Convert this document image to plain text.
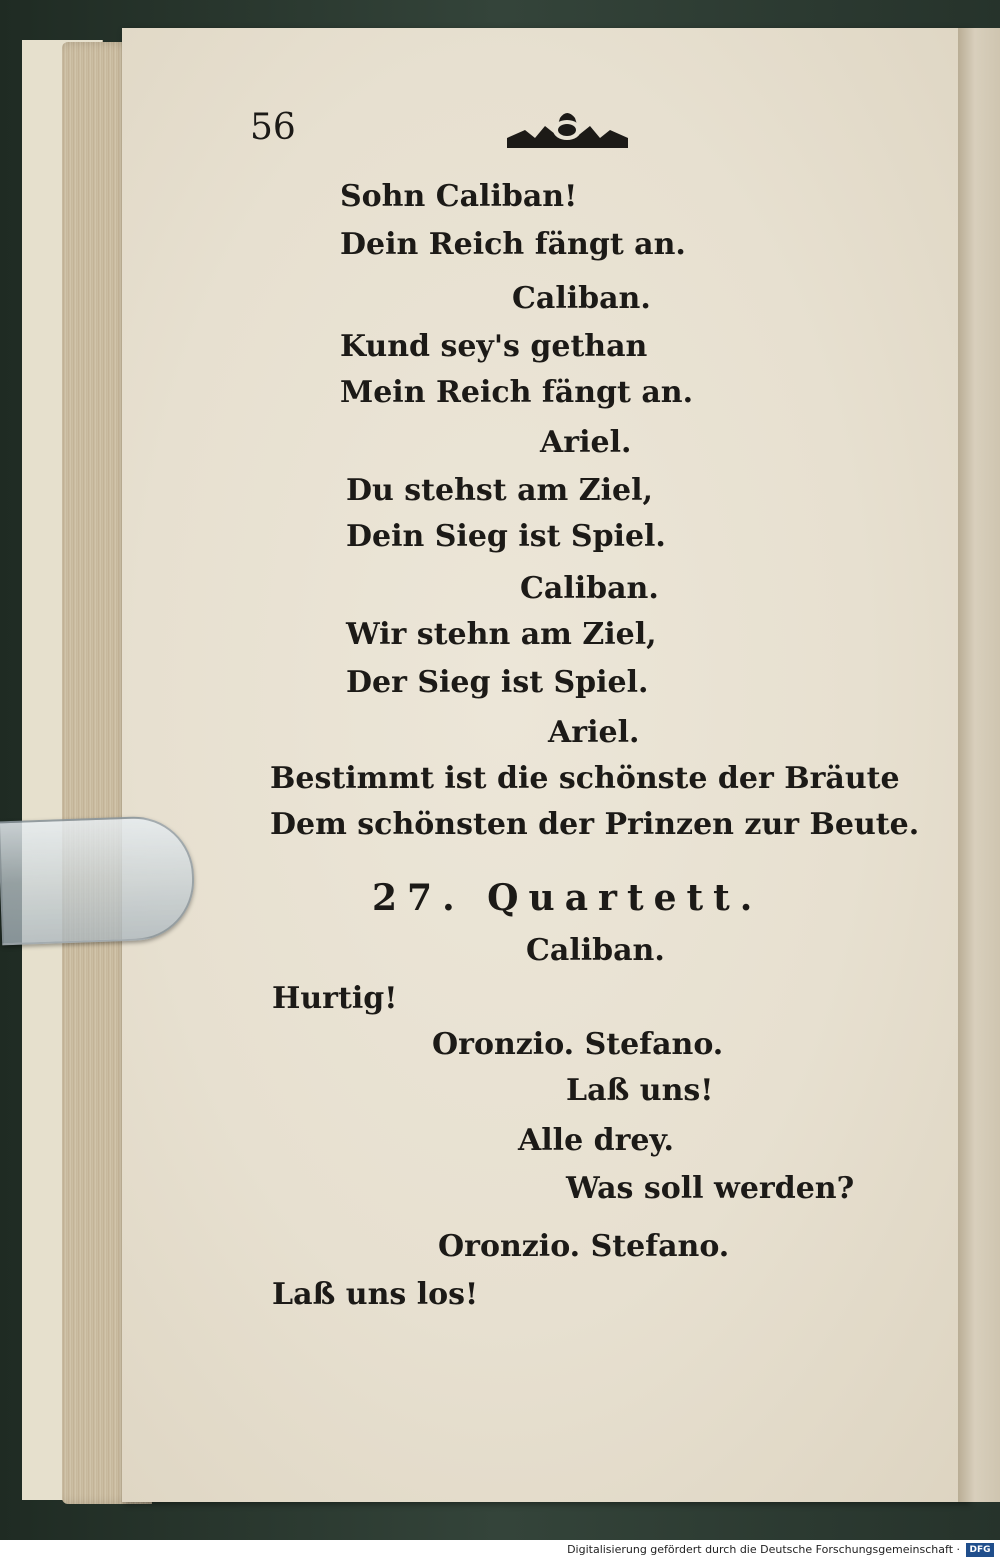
56
Sohn Caliban!
Dein Reich fängt an.
Caliban.
Kund sey's gethan
Mein Reich fängt an.
Ariel.
Du stehst am Ziel,
Dein Sieg ist Spiel.
Caliban.
Wir stehn am Ziel,
Der Sieg ist Spiel.
Ariel.
Bestimmt ist die schönste der Bräute
Dem schönsten der Prinzen zur Beute.
27. Quartett.
Caliban.
Hurtig!
Oronzio. Stefano.
Laß uns!
Alle drey.
Was soll werden?
Oronzio. Stefano.
Laß uns los!
Digitalisierung gefördert durch die Deutsche Forschungsgemeinschaft ·	DFG
